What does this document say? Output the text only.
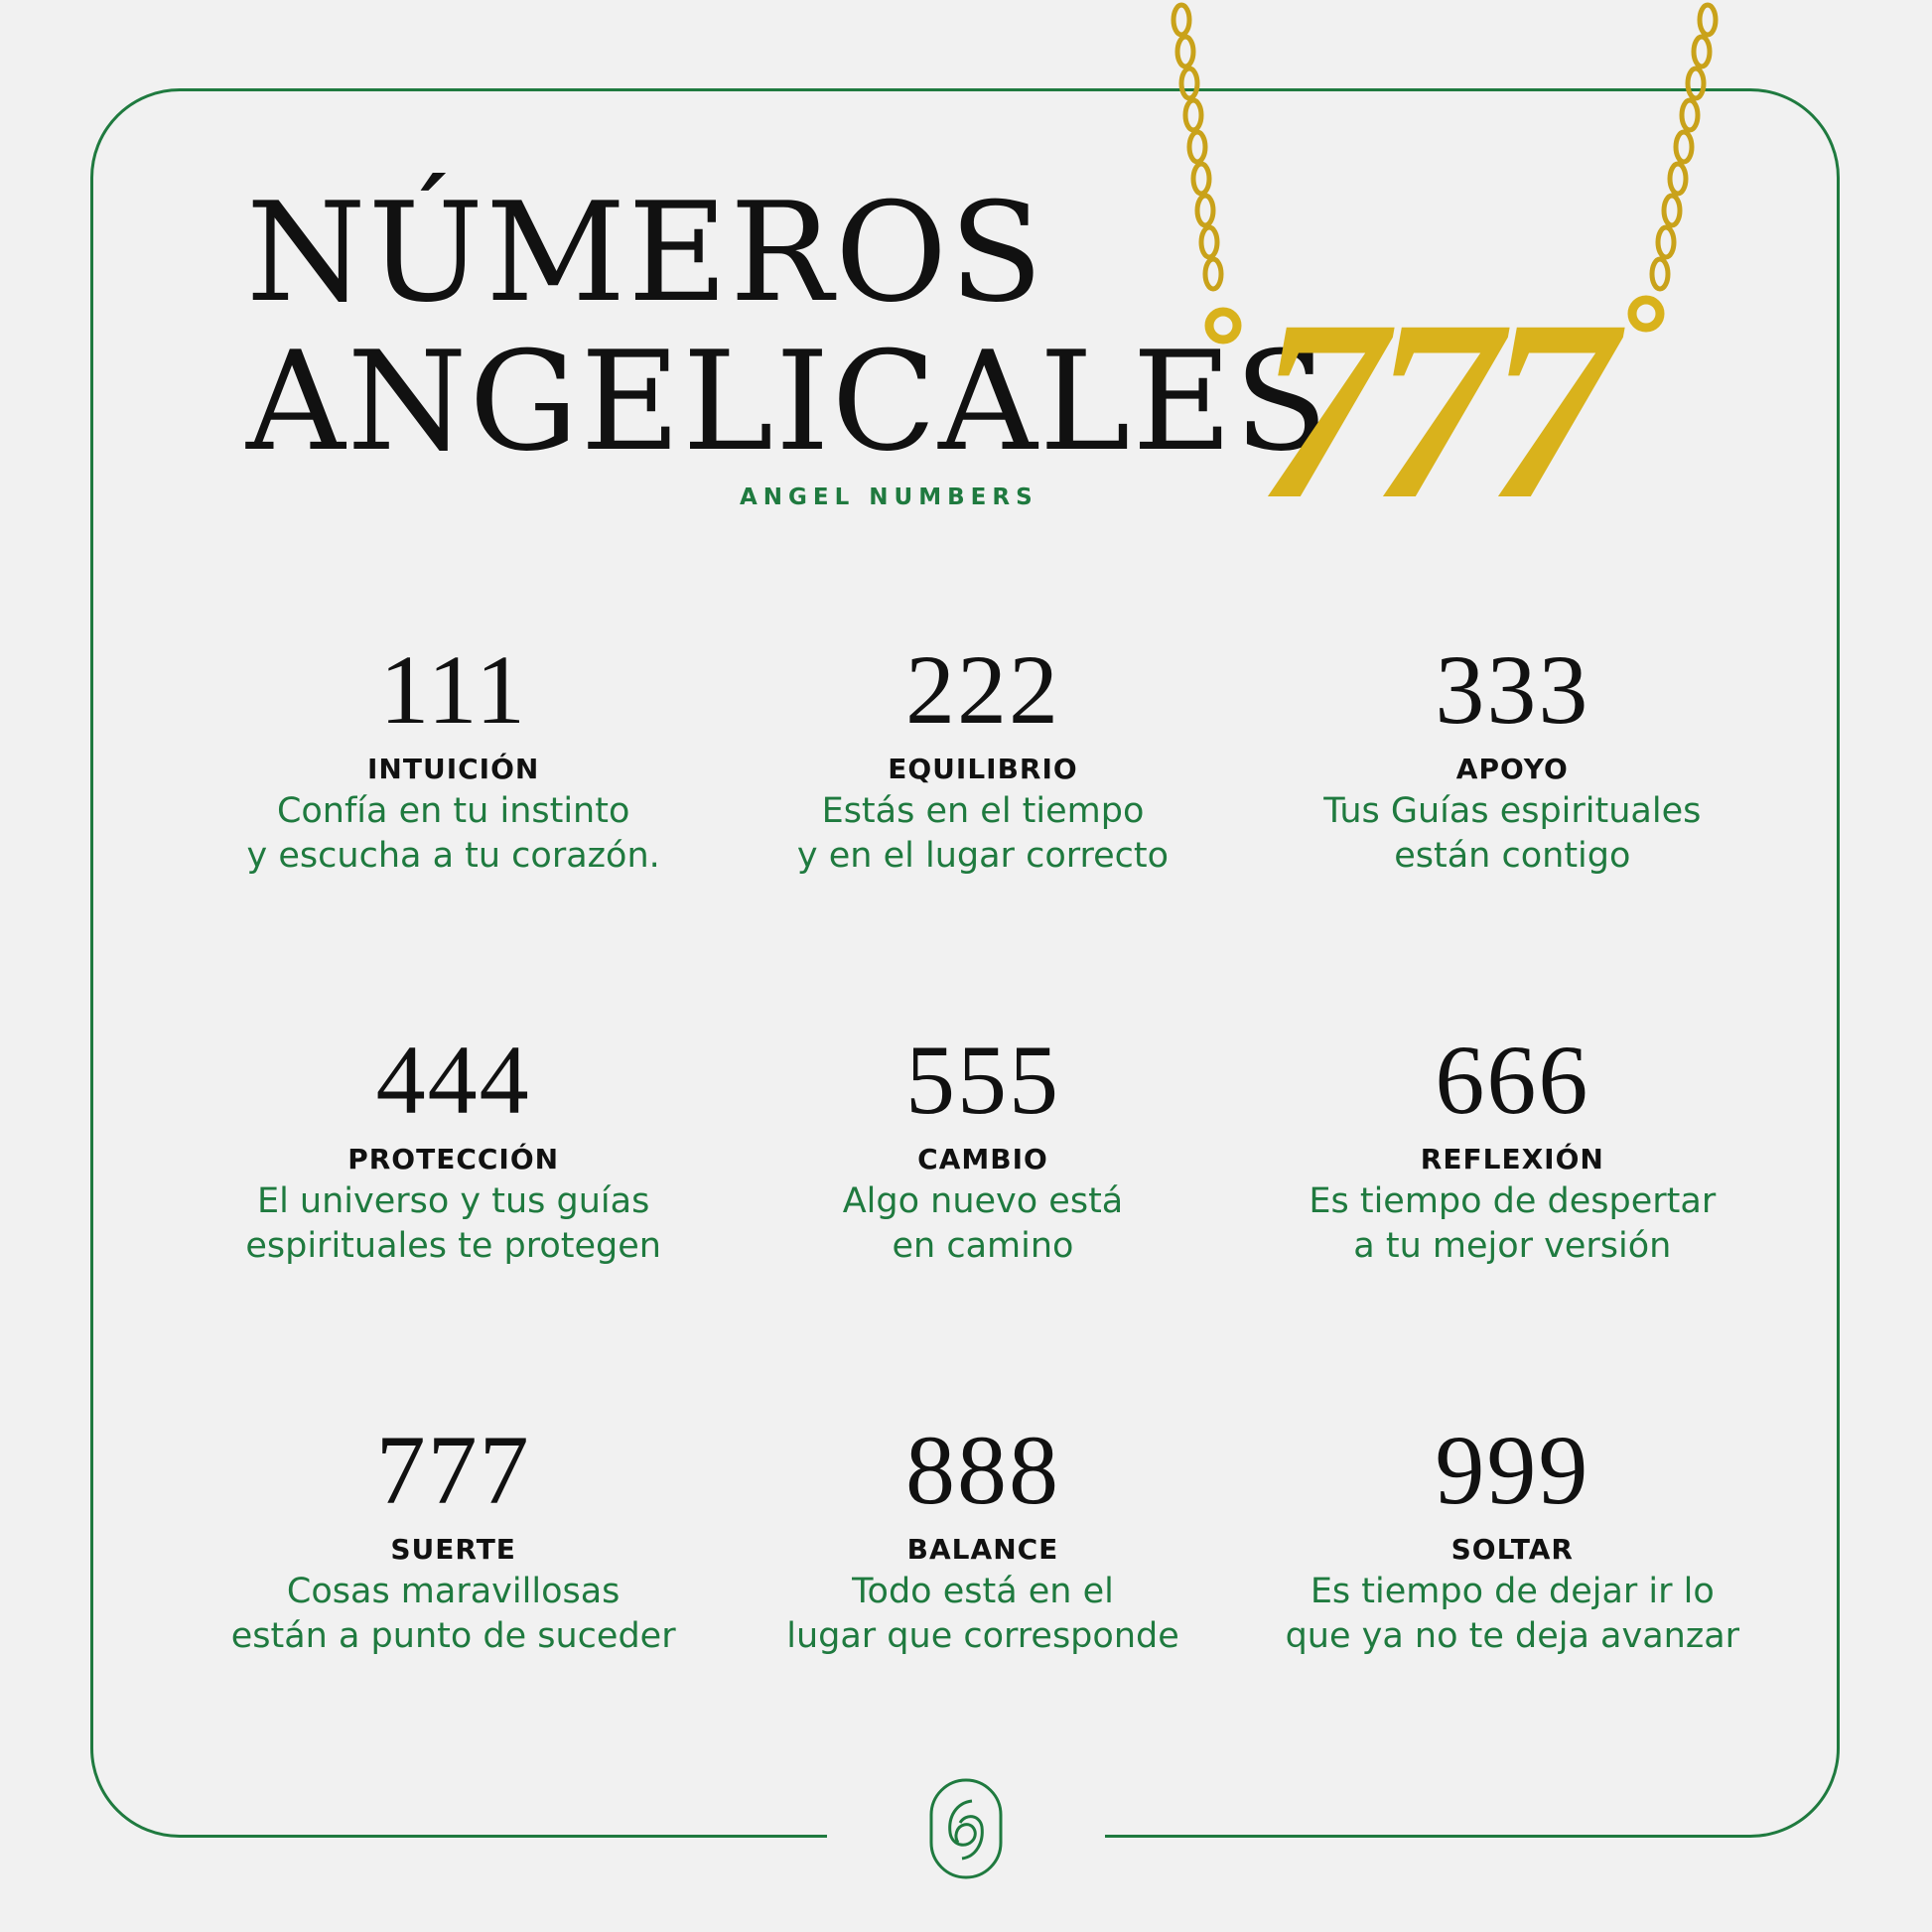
NÚMEROS
ANGELICALES
ANGEL NUMBERS 777
111
INTUICIÓN
Confía en tu instinto
y escucha a tu corazón.
222
EQUILIBRIO
Estás en el tiempo
y en el lugar correcto
333
APOYO
Tus Guías espirituales
están contigo
444
PROTECCIÓN
El universo y tus guías
espirituales te protegen
555
CAMBIO
Algo nuevo está
en camino
666
REFLEXIÓN
Es tiempo de despertar
a tu mejor versión
777
SUERTE
Cosas maravillosas
están a punto de suceder
888
BALANCE
Todo está en el
lugar que corresponde
999
SOLTAR
Es tiempo de dejar ir lo
que ya no te deja avanzar
